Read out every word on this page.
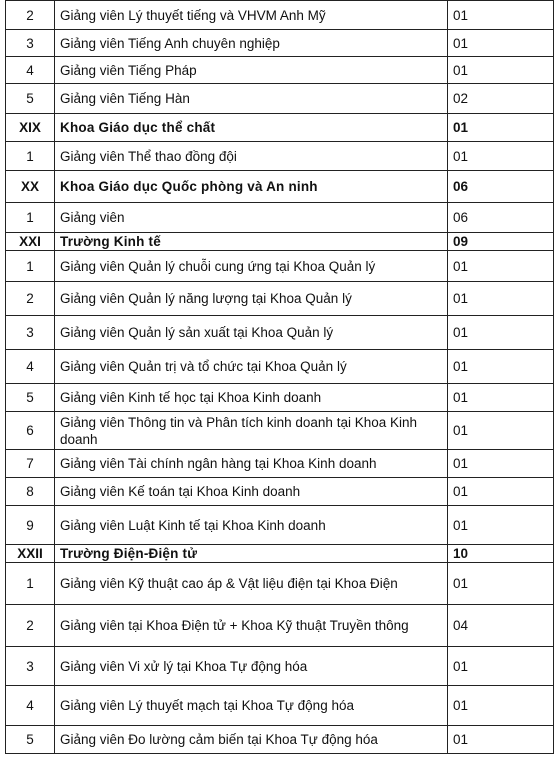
2	Giảng viên Lý thuyết tiếng và VHVM Anh Mỹ	01
3	Giảng viên Tiếng Anh chuyên nghiệp	01
4	Giảng viên Tiếng Pháp	01
5	Giảng viên Tiếng Hàn	02
XIX	Khoa Giáo dục thể chất	01
1	Giảng viên Thể thao đồng đội	01
XX	Khoa Giáo dục Quốc phòng và An ninh	06
1	Giảng viên	06
XXI	Trường Kinh tế	09
1	Giảng viên Quản lý chuỗi cung ứng tại Khoa Quản lý	01
2	Giảng viên Quản lý năng lượng tại Khoa Quản lý	01
3	Giảng viên Quản lý sản xuất tại Khoa Quản lý	01
4	Giảng viên Quản trị và tổ chức tại Khoa Quản lý	01
5	Giảng viên Kinh tế học tại Khoa Kinh doanh	01
6	Giảng viên Thông tin và Phân tích kinh doanh tại Khoa Kinh doanh	01
7	Giảng viên Tài chính ngân hàng tại Khoa Kinh doanh	01
8	Giảng viên Kế toán tại Khoa Kinh doanh	01
9	Giảng viên Luật Kinh tế tại Khoa Kinh doanh	01
XXII	Trường Điện-Điện tử	10
1	Giảng viên Kỹ thuật cao áp & Vật liệu điện tại Khoa Điện	01
2	Giảng viên tại Khoa Điện tử + Khoa Kỹ thuật Truyền thông	04
3	Giảng viên Vi xử lý tại Khoa Tự động hóa	01
4	Giảng viên Lý thuyết mạch tại Khoa Tự động hóa	01
5	Giảng viên Đo lường cảm biến tại Khoa Tự động hóa	01
